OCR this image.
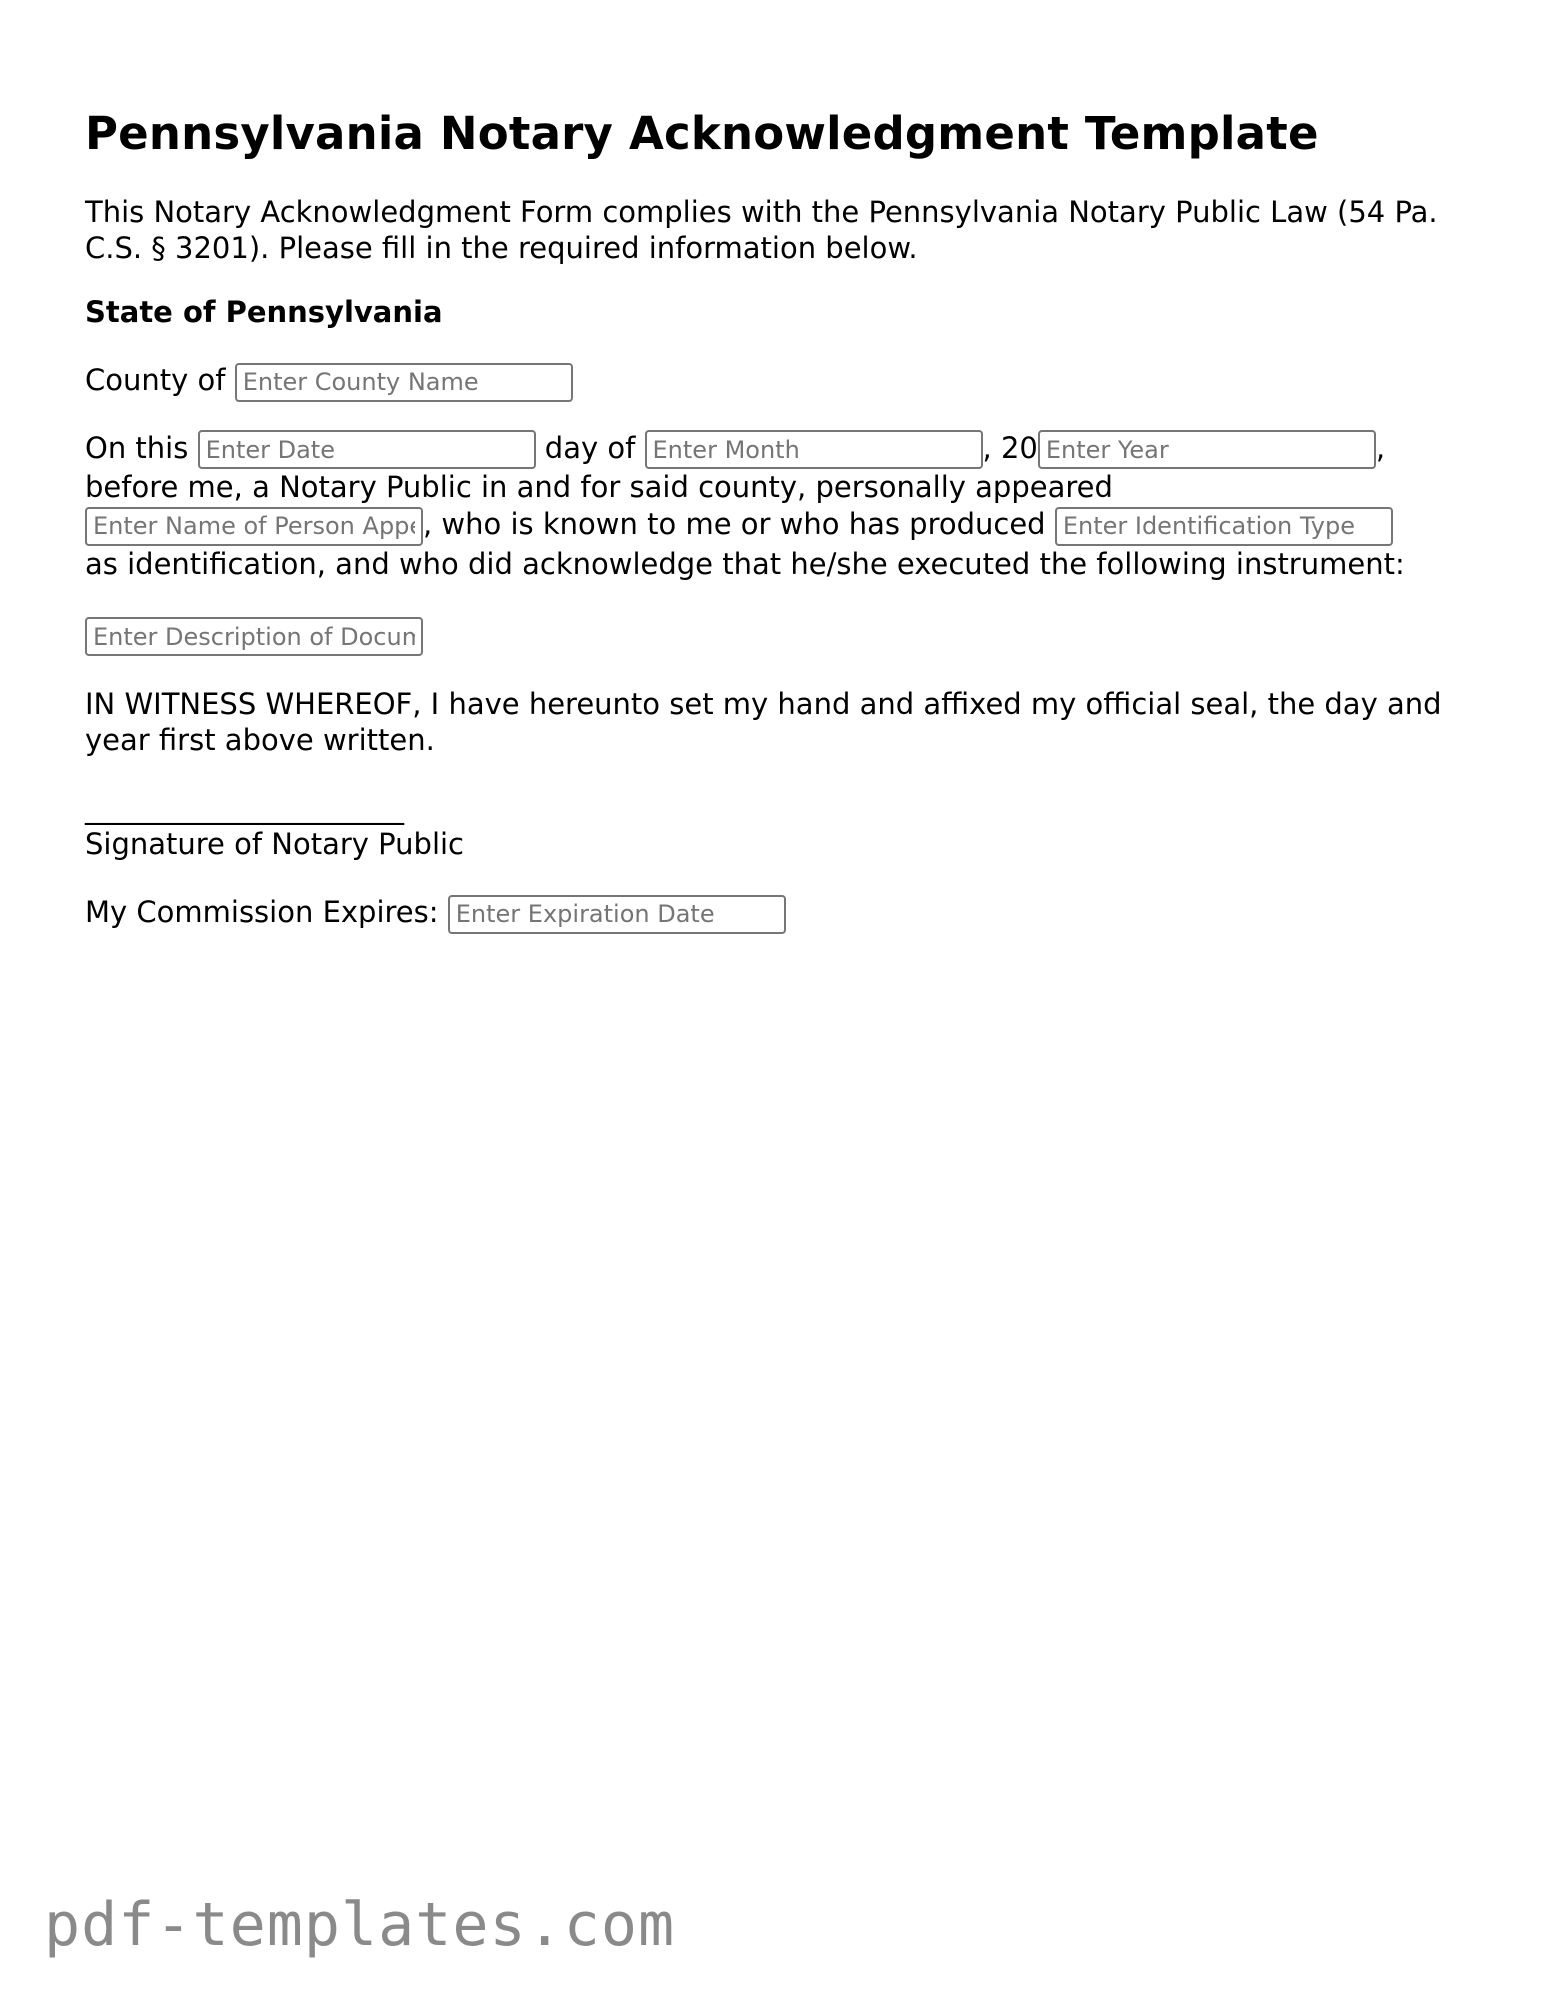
Pennsylvania Notary Acknowledgment Template

This Notary Acknowledgment Form complies with the Pennsylvania Notary Public Law (54 Pa. C.S. § 3201). Please fill in the required information below.

State of Pennsylvania

County of Enter County Name

On this Enter Date	day of Enter Month	, 20Enter Year	,
before me, a Notary Public in and for said county, personally appeared
Enter Name of Person Appearing, who is known to me or who has produced Enter Identification Type
as identification, and who did acknowledge that he/she executed the following instrument:

Enter Description of Document

IN WITNESS WHEREOF, I have hereunto set my hand and affixed my official seal, the day and year first above written.

______________________
Signature of Notary Public

My Commission Expires: Enter Expiration Date

pdf-templates.com
